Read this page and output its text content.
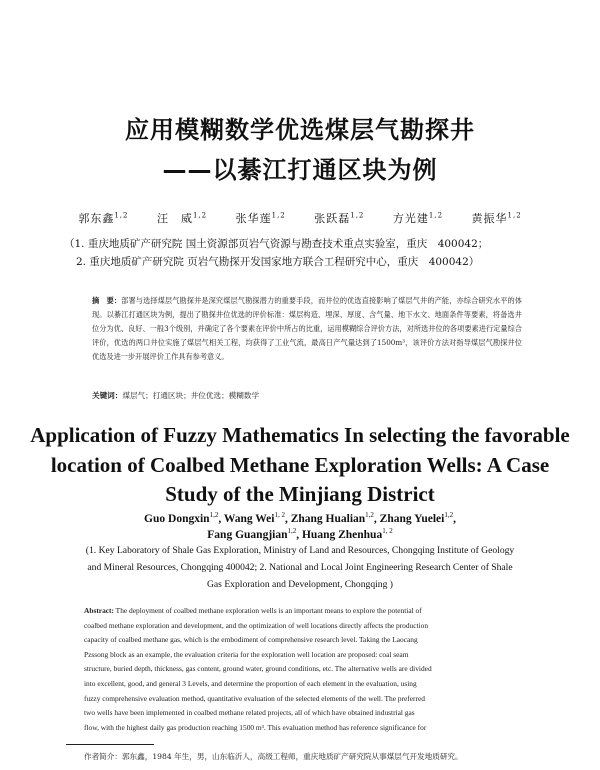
应用模糊数学优选煤层气勘探井
——以綦江打通区块为例
郭东鑫$^{1,2}$	汪　威$^{1,2}$	张华莲$^{1,2}$	张跃磊$^{1,2}$	方光建$^{1,2}$	黄振华$^{1,2}$
（1. 重庆地质矿产研究院 国土资源部页岩气资源与勘查技术重点实验室，重庆　400042；
2. 重庆地质矿产研究院 页岩气勘探开发国家地方联合工程研究中心，重庆　400042）
摘　要：部署与选择煤层气勘探井是深究煤层气勘探潜力的重要手段，而井位的优选直接影响了煤层气井的产能，亦综合研究水平的体现。以綦江打通区块为例，提出了勘探井位优选的评价标准：煤层构造、埋深、厚度、含气量、地下水文、地面条件等要素，将备选井位分为优、良好、一般3个级别，并确定了各个要素在评价中所占的比重，运用模糊综合评价方法，对所选井位的各项要素进行定量综合评价，优选的两口井位实施了煤层气相关工程，均获得了工业气流，最高日产气量达到了1500m³，该评价方法对指导煤层气勘探井位优选及进一步开展评价工作具有参考意义。
关键词：煤层气；打通区块；井位优选；模糊数学
Application of Fuzzy Mathematics In selecting the favorable
location of Coalbed Methane Exploration Wells: A Case
Study of the Minjiang District
Guo Dongxin$^{1,2}$, Wang Wei$^{1, 2}$, Zhang Hualian$^{1,2}$, Zhang Yuelei$^{1,2}$,
Fang Guangjian$^{1,2}$, Huang Zhenhua$^{1, 2}$
(1. Key Laboratory of Shale Gas Exploration, Ministry of Land and Resources, Chongqing Institute of Geology
and Mineral Resources, Chongqing 400042; 2. National and Local Joint Engineering Research Center of Shale
Gas Exploration and Development, Chongqing )
Abstract: The deployment of coalbed methane exploration wells is an important means to explore the potential of
coalbed methane exploration and development, and the optimization of well locations directly affects the production
capacity of coalbed methane gas, which is the embodiment of comprehensive research level. Taking the Laocang
Pzssong block as an example, the evaluation criteria for the exploration well location are proposed: coal seam
structure, buried depth, thickness, gas content, ground water, ground conditions, etc. The alternative wells are divided
into excellent, good, and general 3 Levels, and determine the proportion of each element in the evaluation, using
fuzzy comprehensive evaluation method, quantitative evaluation of the selected elements of the well. The preferred
two wells have been implemented in coalbed methane related projects, all of which have obtained industrial gas
flow, with the highest daily gas production reaching 1500 m³. This evaluation method has reference significance for
作者简介：郭东鑫，1984 年生，男，山东临沂人，高级工程师，重庆地质矿产研究院从事煤层气开发地质研究。
